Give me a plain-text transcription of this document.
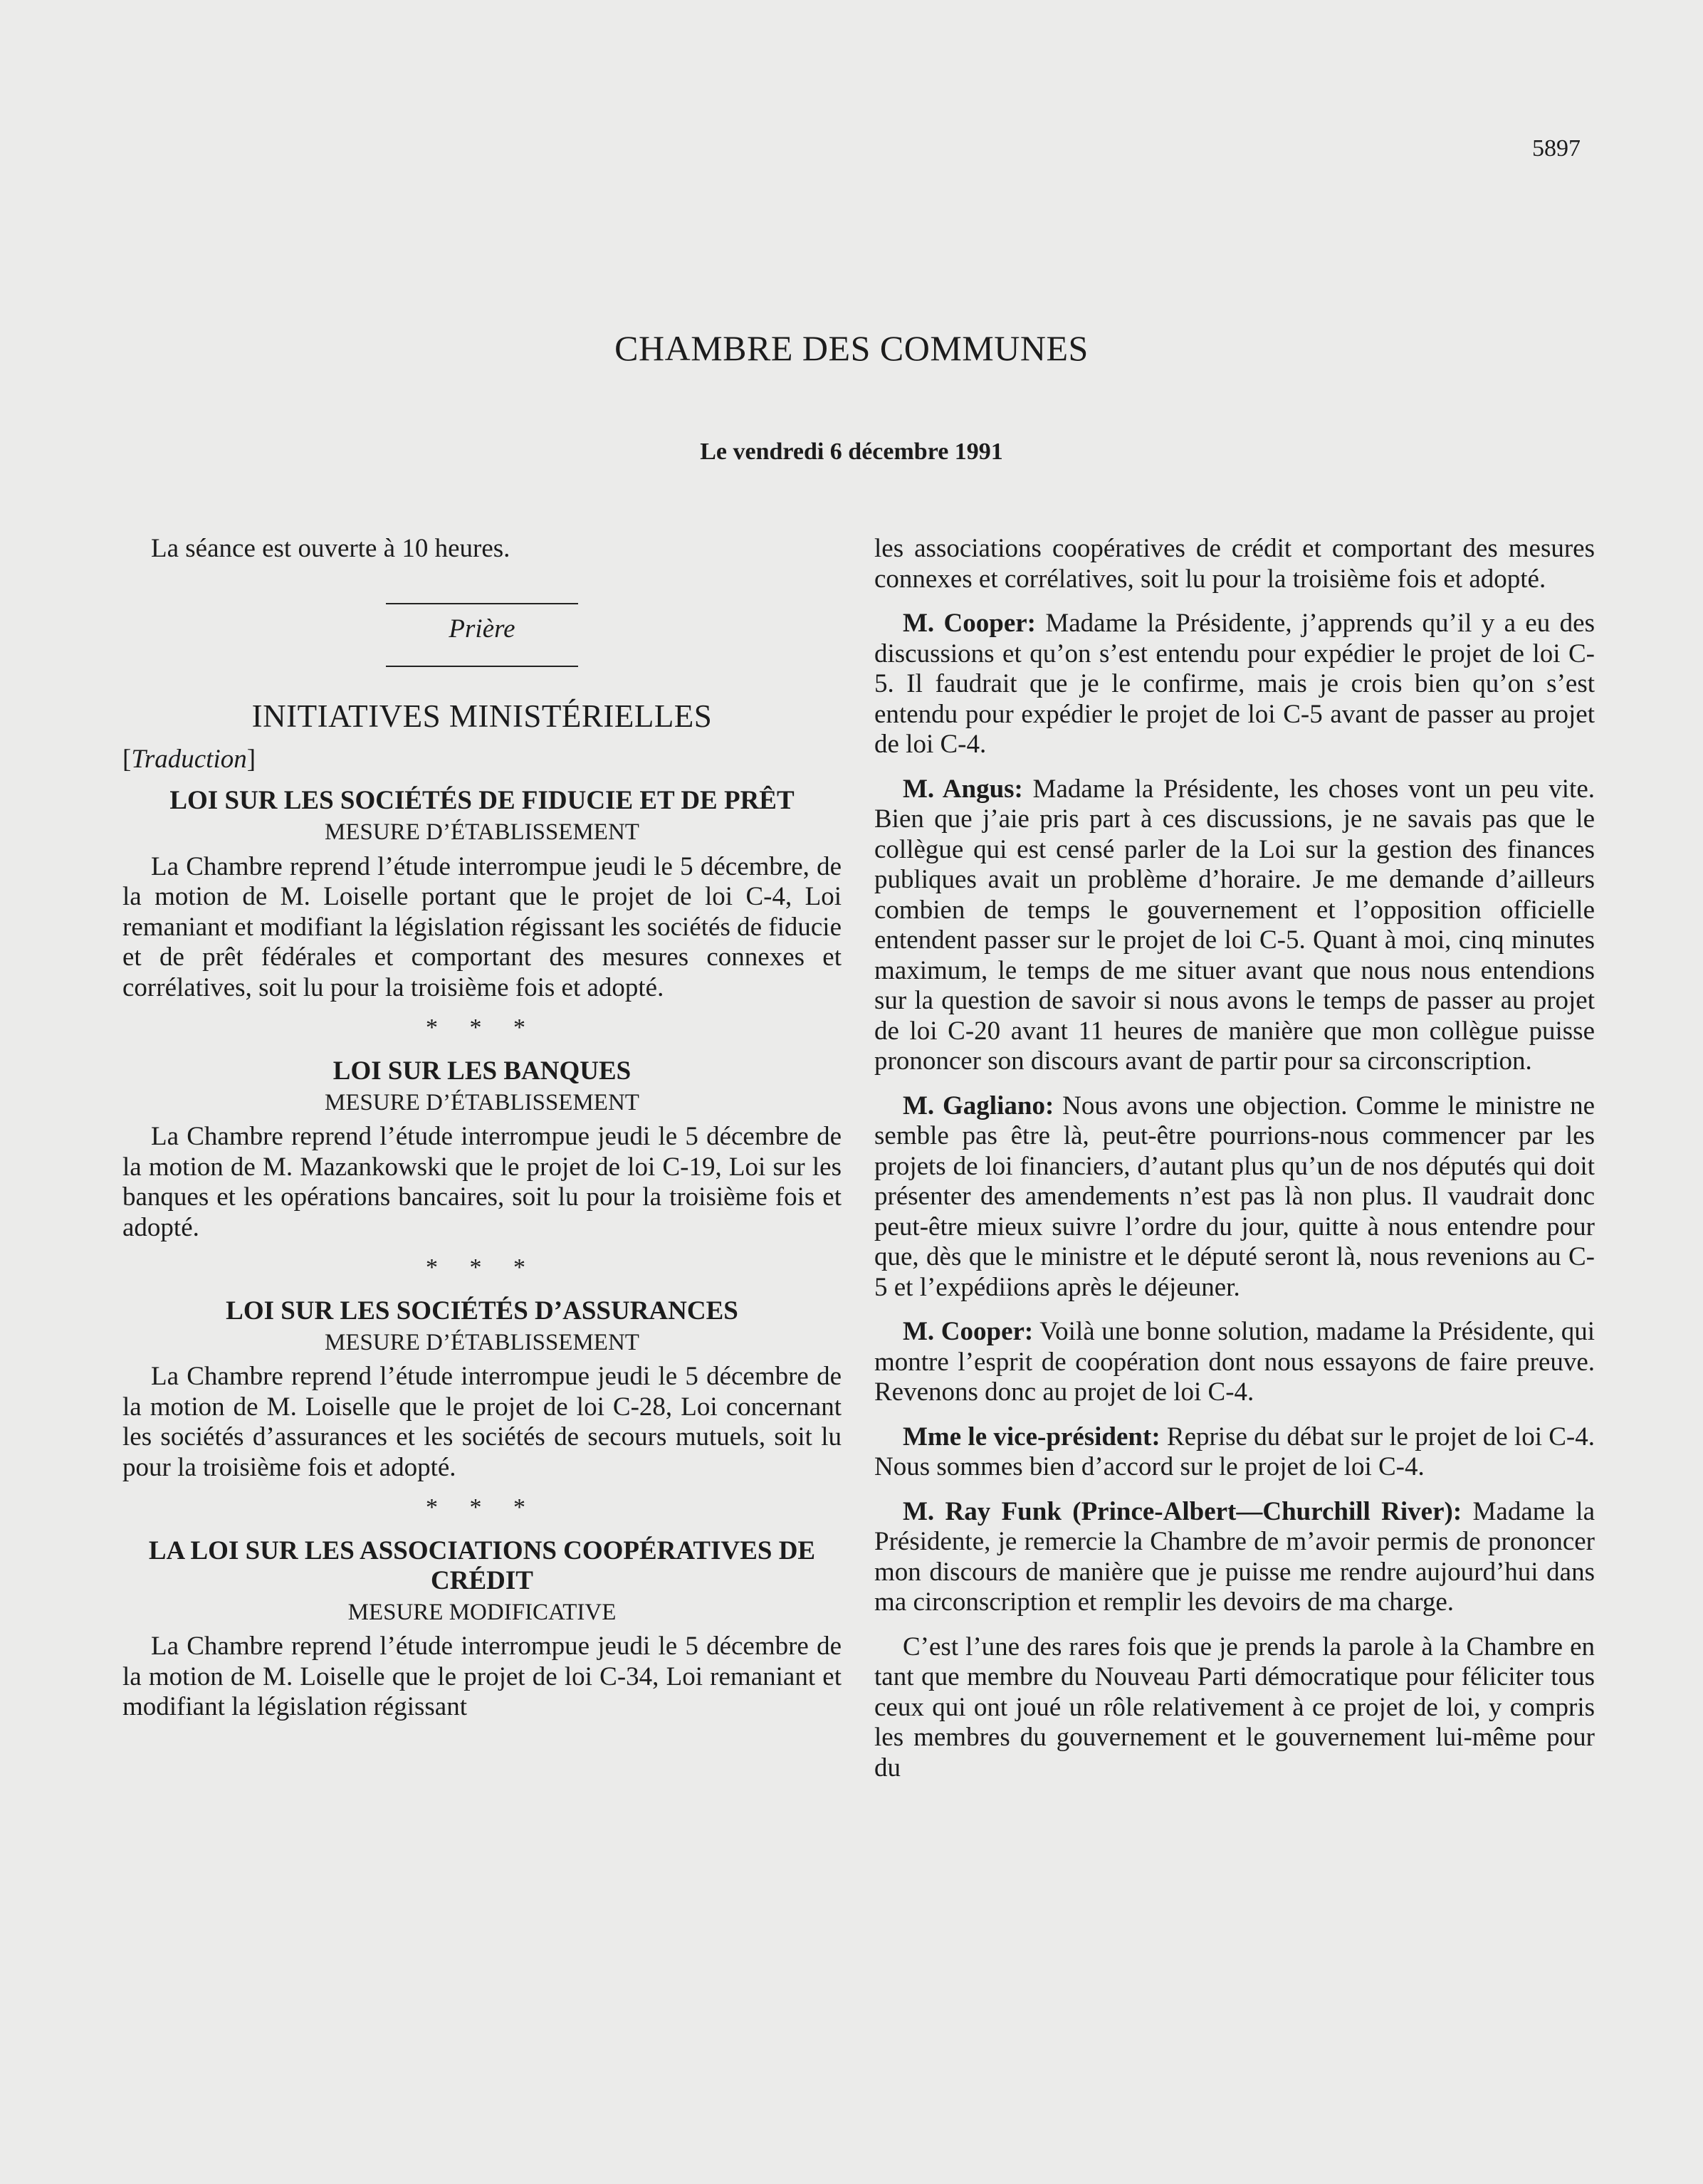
5897
CHAMBRE DES COMMUNES

Le vendredi 6 décembre 1991

La séance est ouverte à 10 heures.

Prière

INITIATIVES MINISTÉRIELLES

[Traduction]

LOI SUR LES SOCIÉTÉS DE FIDUCIE ET DE PRÊT

MESURE D’ÉTABLISSEMENT

La Chambre reprend l’étude interrompue jeudi le 5 décembre, de la motion de M. Loiselle portant que le projet de loi C-4, Loi remaniant et modifiant la législation régissant les sociétés de fiducie et de prêt fédérales et comportant des mesures connexes et corrélatives, soit lu pour la troisième fois et adopté.

* * *

LOI SUR LES BANQUES

MESURE D’ÉTABLISSEMENT

La Chambre reprend l’étude interrompue jeudi le 5 décembre de la motion de M. Mazankowski que le projet de loi C-19, Loi sur les banques et les opérations bancaires, soit lu pour la troisième fois et adopté.

* * *

LOI SUR LES SOCIÉTÉS D’ASSURANCES

MESURE D’ÉTABLISSEMENT

La Chambre reprend l’étude interrompue jeudi le 5 décembre de la motion de M. Loiselle que le projet de loi C-28, Loi concernant les sociétés d’assurances et les sociétés de secours mutuels, soit lu pour la troisième fois et adopté.

* * *

LA LOI SUR LES ASSOCIATIONS COOPÉRATIVES DE CRÉDIT

MESURE MODIFICATIVE

La Chambre reprend l’étude interrompue jeudi le 5 décembre de la motion de M. Loiselle que le projet de loi C-34, Loi remaniant et modifiant la législation régissant

les associations coopératives de crédit et comportant des mesures connexes et corrélatives, soit lu pour la troisième fois et adopté.

M. Cooper: Madame la Présidente, j’apprends qu’il y a eu des discussions et qu’on s’est entendu pour expédier le projet de loi C-5. Il faudrait que je le confirme, mais je crois bien qu’on s’est entendu pour expédier le projet de loi C-5 avant de passer au projet de loi C-4.

M. Angus: Madame la Présidente, les choses vont un peu vite. Bien que j’aie pris part à ces discussions, je ne savais pas que le collègue qui est censé parler de la Loi sur la gestion des finances publiques avait un problème d’horaire. Je me demande d’ailleurs combien de temps le gouvernement et l’opposition officielle entendent passer sur le projet de loi C-5. Quant à moi, cinq minutes maximum, le temps de me situer avant que nous nous entendions sur la question de savoir si nous avons le temps de passer au projet de loi C-20 avant 11 heures de manière que mon collègue puisse prononcer son discours avant de partir pour sa circonscription.

M. Gagliano: Nous avons une objection. Comme le ministre ne semble pas être là, peut-être pourrions-nous commencer par les projets de loi financiers, d’autant plus qu’un de nos députés qui doit présenter des amendements n’est pas là non plus. Il vaudrait donc peut-être mieux suivre l’ordre du jour, quitte à nous entendre pour que, dès que le ministre et le député seront là, nous revenions au C-5 et l’expédiions après le déjeuner.

M. Cooper: Voilà une bonne solution, madame la Présidente, qui montre l’esprit de coopération dont nous essayons de faire preuve. Revenons donc au projet de loi C-4.

Mme le vice-président: Reprise du débat sur le projet de loi C-4. Nous sommes bien d’accord sur le projet de loi C-4.

M. Ray Funk (Prince-Albert—Churchill River): Madame la Présidente, je remercie la Chambre de m’avoir permis de prononcer mon discours de manière que je puisse me rendre aujourd’hui dans ma circonscription et remplir les devoirs de ma charge.

C’est l’une des rares fois que je prends la parole à la Chambre en tant que membre du Nouveau Parti démocratique pour féliciter tous ceux qui ont joué un rôle relativement à ce projet de loi, y compris les membres du gouvernement et le gouvernement lui-même pour du
